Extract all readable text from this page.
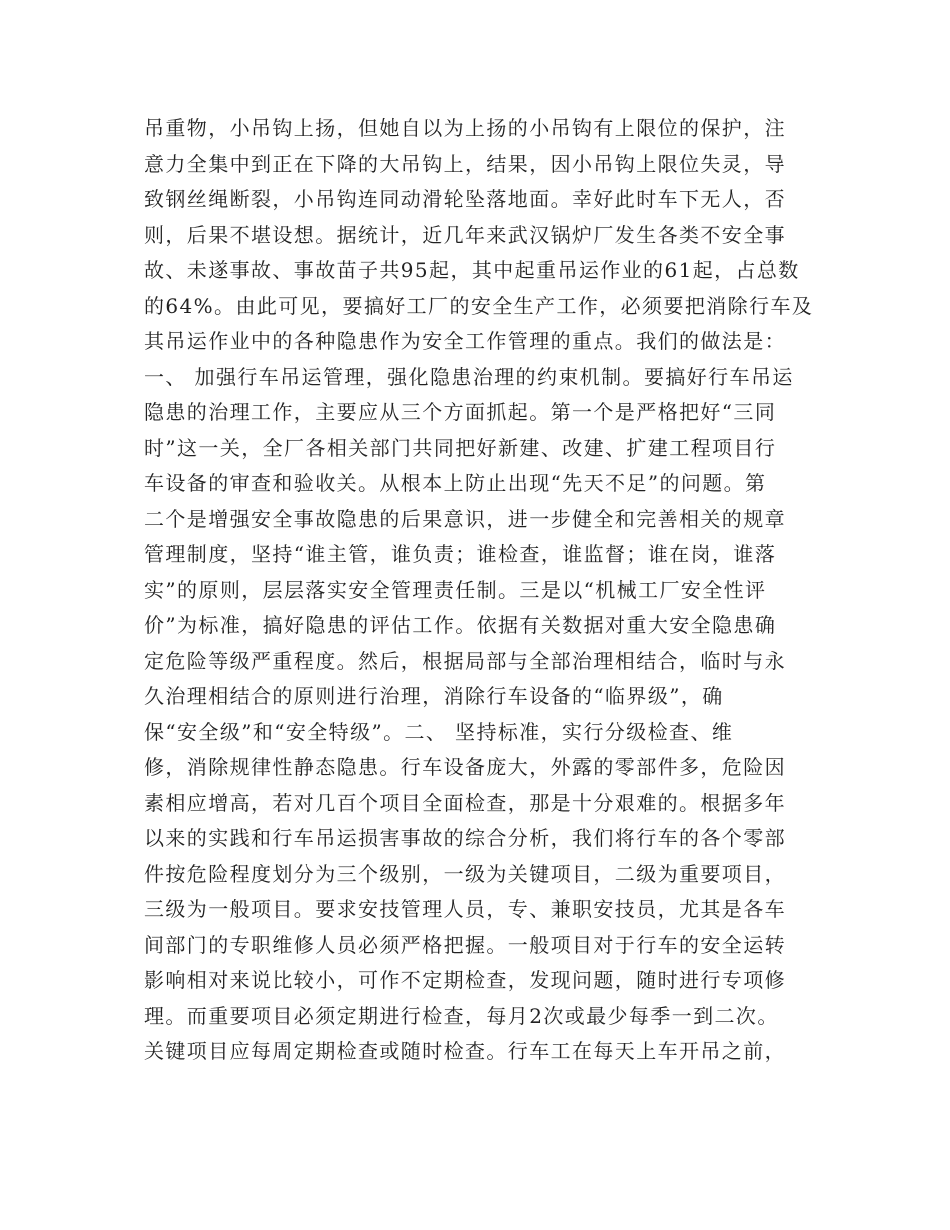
吊重物，小吊钩上扬，但她自以为上扬的小吊钩有上限位的保护，注
意力全集中到正在下降的大吊钩上，结果，因小吊钩上限位失灵，导
致钢丝绳断裂，小吊钩连同动滑轮坠落地面。幸好此时车下无人，否
则，后果不堪设想。据统计，近几年来武汉锅炉厂发生各类不安全事
故、未遂事故、事故苗子共95起，其中起重吊运作业的61起，占总数
的64%。由此可见，要搞好工厂的安全生产工作，必须要把消除行车及
其吊运作业中的各种隐患作为安全工作管理的重点。我们的做法是：
一、 加强行车吊运管理，强化隐患治理的约束机制。要搞好行车吊运
隐患的治理工作，主要应从三个方面抓起。第一个是严格把好“三同
时”这一关，全厂各相关部门共同把好新建、改建、扩建工程项目行
车设备的审查和验收关。从根本上防止出现“先天不足”的问题。第
二个是增强安全事故隐患的后果意识，进一步健全和完善相关的规章
管理制度，坚持“谁主管，谁负责；谁检查，谁监督；谁在岗，谁落
实”的原则，层层落实安全管理责任制。三是以“机械工厂安全性评
价”为标准，搞好隐患的评估工作。依据有关数据对重大安全隐患确
定危险等级严重程度。然后，根据局部与全部治理相结合，临时与永
久治理相结合的原则进行治理，消除行车设备的“临界级”，确
保“安全级”和“安全特级”。二、 坚持标准，实行分级检查、维
修，消除规律性静态隐患。行车设备庞大，外露的零部件多，危险因
素相应增高，若对几百个项目全面检查，那是十分艰难的。根据多年
以来的实践和行车吊运损害事故的综合分析，我们将行车的各个零部
件按危险程度划分为三个级别，一级为关键项目，二级为重要项目，
三级为一般项目。要求安技管理人员，专、兼职安技员，尤其是各车
间部门的专职维修人员必须严格把握。一般项目对于行车的安全运转
影响相对来说比较小，可作不定期检查，发现问题，随时进行专项修
理。而重要项目必须定期进行检查，每月2次或最少每季一到二次。
关键项目应每周定期检查或随时检查。行车工在每天上车开吊之前，
